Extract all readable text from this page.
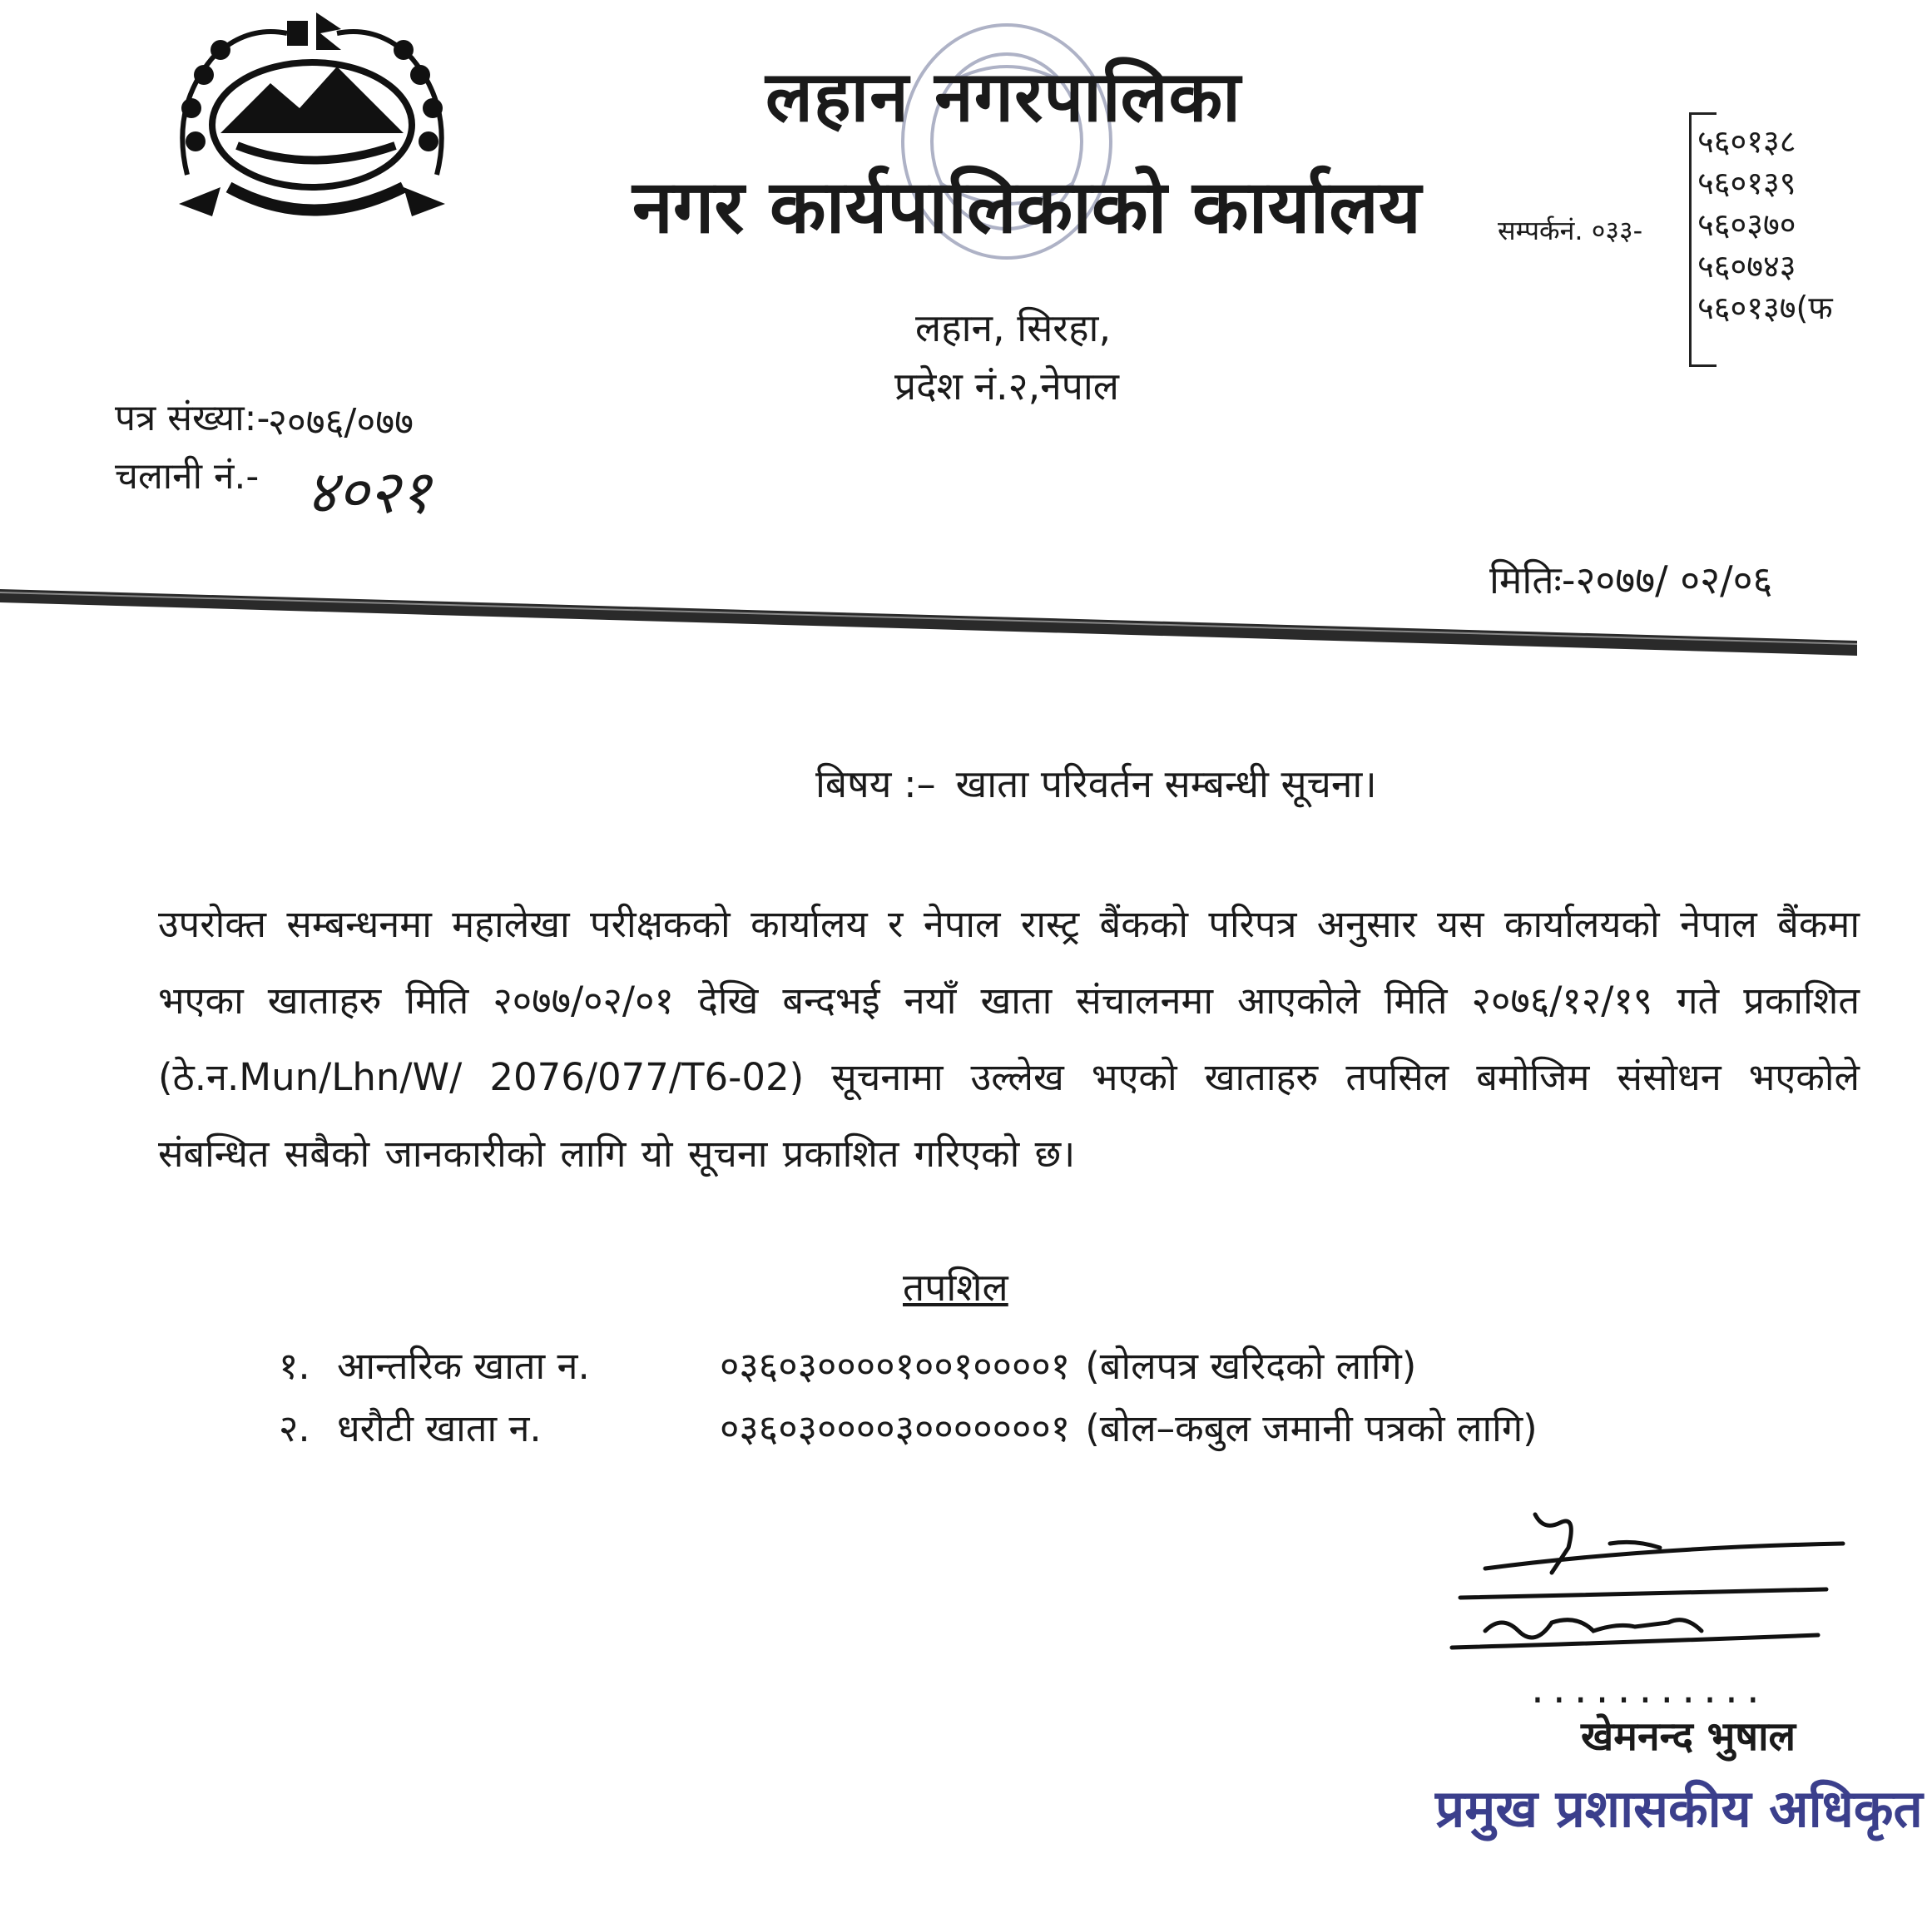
लहान नगरपालिका
नगर कार्यपालिकाको कार्यालय
लहान, सिरहा,
प्रदेश नं.२,नेपाल
सम्पर्कनं. ०३३-
५६०१३८
५६०१३९
५६०३७०
५६०७४३
५६०१३७(फ
पत्र संख्या:-
२०७६/०७७
चलानी नं.- ४०२१
मितिः-२०७७/ ०२/०६
बिषय :– खाता परिवर्तन सम्बन्धी सूचना।
उपरोक्त सम्बन्धनमा महालेखा परीक्षकको कार्यालय र नेपाल रास्ट्र बैंकको परिपत्र अनुसार यस कार्यालयको नेपाल बैंकमा भएका खाताहरु मिति २०७७/०२/०१ देखि बन्दभई नयाँ खाता संचालनमा आएकोले मिति २०७६/१२/१९ गते प्रकाशित (ठे.न.Mun/Lhn/W/ 2076/077/T6-02) सूचनामा उल्लेख भएको खाताहरु तपसिल बमोजिम संसोधन भएकोले संबन्धित सबैको जानकारीको लागि यो सूचना प्रकाशित गरिएको छ।
तपशिल
१. आन्तरिक खाता न.	०३६०३००००१००१००००१ (बोलपत्र खरिदको लागि)
२. धरौटी खाता न.	०३६०३००००३०००००००१ (बोल–कबुल जमानी पत्रको लागि)
...........
खेमनन्द भुषाल
प्रमुख प्रशासकीय अधिकृत
